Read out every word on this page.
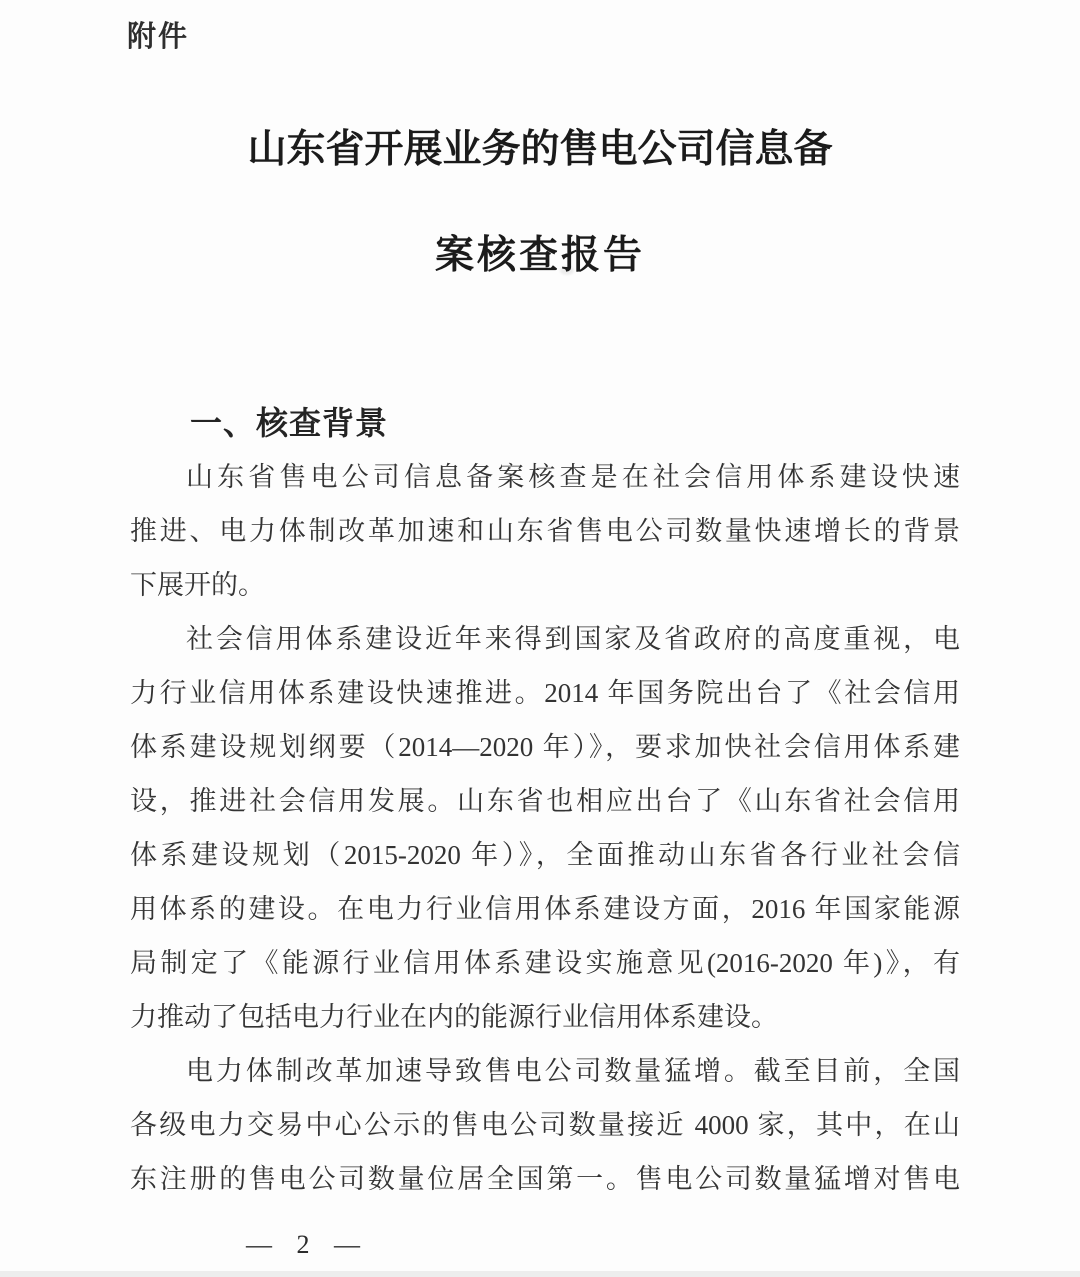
附件
山东省开展业务的售电公司信息备
案核查报告
一、核查背景
山东省售电公司信息备案核查是在社会信用体系建设快速
推进、电力体制改革加速和山东省售电公司数量快速增长的背景
下展开的。
社会信用体系建设近年来得到国家及省政府的高度重视，电
力行业信用体系建设快速推进。2014 年国务院出台了《社会信用
体系建设规划纲要（2014—2020 年）》，要求加快社会信用体系建
设，推进社会信用发展。山东省也相应出台了《山东省社会信用
体系建设规划（2015-2020 年）》，全面推动山东省各行业社会信
用体系的建设。在电力行业信用体系建设方面，2016 年国家能源
局制定了《能源行业信用体系建设实施意见(2016-2020 年)》，有
力推动了包括电力行业在内的能源行业信用体系建设。
电力体制改革加速导致售电公司数量猛增。截至目前，全国
各级电力交易中心公示的售电公司数量接近 4000 家，其中，在山
东注册的售电公司数量位居全国第一。售电公司数量猛增对售电
— 2 —
